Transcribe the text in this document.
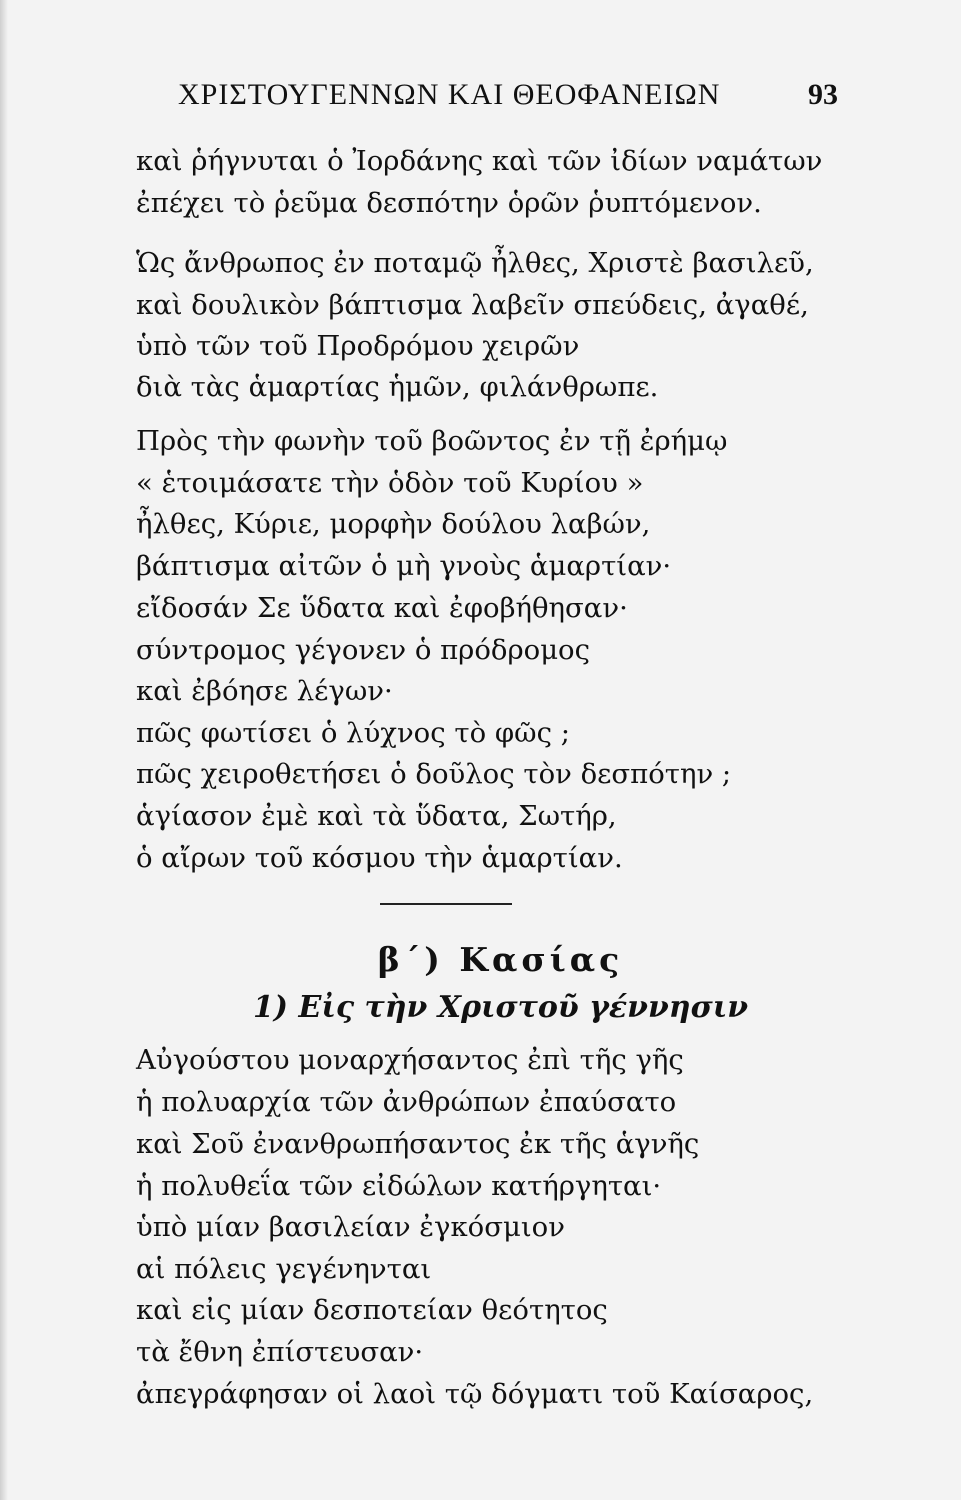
ΧΡΙΣΤΟΥΓΕΝΝΩΝ ΚΑΙ ΘΕΟΦΑΝΕΙΩΝ	93
καὶ ῥήγνυται ὁ Ἰορδάνης καὶ τῶν ἰδίων ναμάτων
ἐπέχει τὸ ῥεῦμα δεσπότην ὁρῶν ῥυπτόμενον.
Ὡς ἄνθρωπος ἐν ποταμῷ ἦλθες, Χριστὲ βασιλεῦ,
καὶ δουλικὸν βάπτισμα λαβεῖν σπεύδεις, ἀγαθέ,
ὑπὸ τῶν τοῦ Προδρόμου χειρῶν
διὰ τὰς ἁμαρτίας ἡμῶν, φιλάνθρωπε.
Πρὸς τὴν φωνὴν τοῦ βοῶντος ἐν τῇ ἐρήμῳ
« ἑτοιμάσατε τὴν ὁδὸν τοῦ Κυρίου »
ἦλθες, Κύριε, μορφὴν δούλου λαβών,
βάπτισμα αἰτῶν ὁ μὴ γνοὺς ἁμαρτίαν·
εἴδοσάν Σε ὕδατα καὶ ἐφοβήθησαν·
σύντρομος γέγονεν ὁ πρόδρομος
καὶ ἐβόησε λέγων·
πῶς φωτίσει ὁ λύχνος τὸ φῶς ;
πῶς χειροθετήσει ὁ δοῦλος τὸν δεσπότην ;
ἁγίασον ἐμὲ καὶ τὰ ὕδατα, Σωτήρ,
ὁ αἴρων τοῦ κόσμου τὴν ἁμαρτίαν.
β΄) Κασίας
1) Εἰς τὴν Χριστοῦ γέννησιν
Αὐγούστου μοναρχήσαντος ἐπὶ τῆς γῆς
ἡ πολυαρχία τῶν ἀνθρώπων ἐπαύσατο
καὶ Σοῦ ἐνανθρωπήσαντος ἐκ τῆς ἁγνῆς
ἡ πολυθεΐα τῶν εἰδώλων κατήργηται·
ὑπὸ μίαν βασιλείαν ἐγκόσμιον
αἱ πόλεις γεγένηνται
καὶ εἰς μίαν δεσποτείαν θεότητος
τὰ ἔθνη ἐπίστευσαν·
ἀπεγράφησαν οἱ λαοὶ τῷ δόγματι τοῦ Καίσαρος,
